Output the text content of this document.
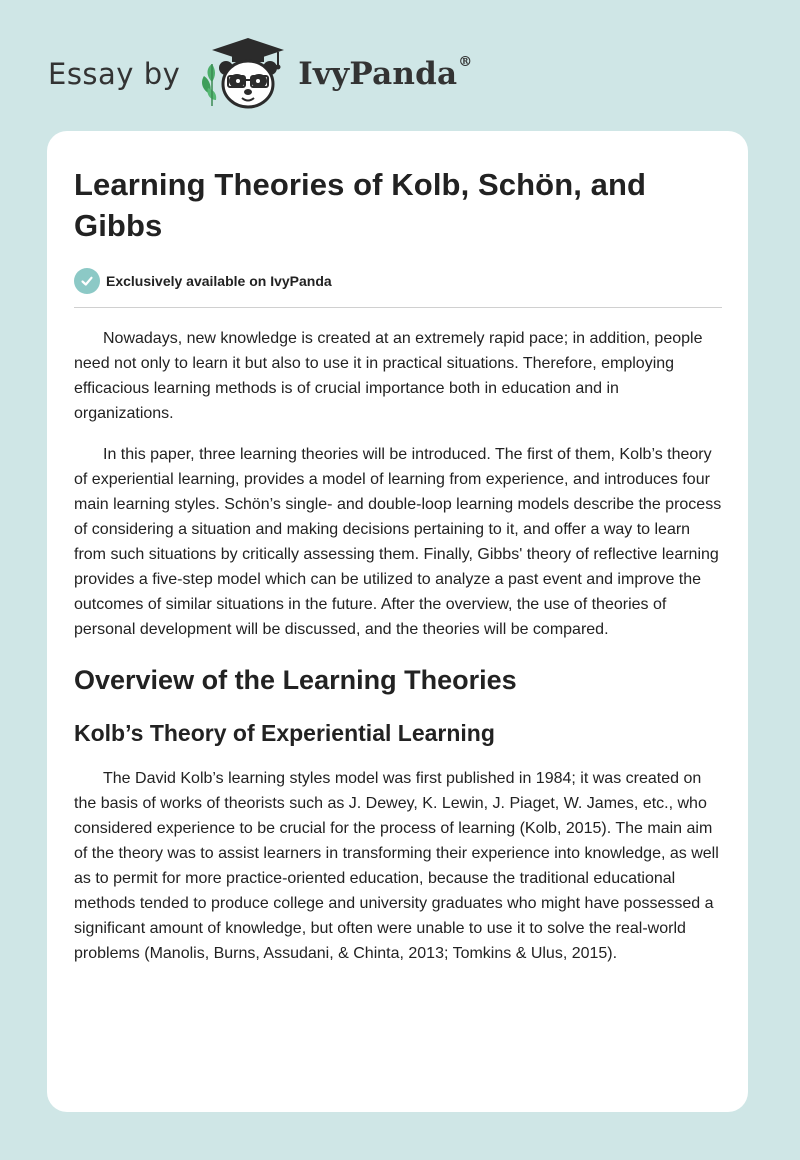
Essay by	IvyPanda®
Learning Theories of Kolb, Schön, and Gibbs
Exclusively available on IvyPanda

Nowadays, new knowledge is created at an extremely rapid pace; in addition, people need not only to learn it but also to use it in practical situations. Therefore, employing efficacious learning methods is of crucial importance both in education and in organizations.

In this paper, three learning theories will be introduced. The first of them, Kolb’s theory of experiential learning, provides a model of learning from experience, and introduces four main learning styles. Schön’s single- and double-loop learning models describe the process of considering a situation and making decisions pertaining to it, and offer a way to learn from such situations by critically assessing them. Finally, Gibbs' theory of reflective learning provides a five-step model which can be utilized to analyze a past event and improve the outcomes of similar situations in the future. After the overview, the use of theories of personal development will be discussed, and the theories will be compared.

Overview of the Learning Theories
Kolb’s Theory of Experiential Learning

The David Kolb’s learning styles model was first published in 1984; it was created on the basis of works of theorists such as J. Dewey, K. Lewin, J. Piaget, W. James, etc., who considered experience to be crucial for the process of learning (Kolb, 2015). The main aim of the theory was to assist learners in transforming their experience into knowledge, as well as to permit for more practice-oriented education, because the traditional educational methods tended to produce college and university graduates who might have possessed a significant amount of knowledge, but often were unable to use it to solve the real-world problems (Manolis, Burns, Assudani, & Chinta, 2013; Tomkins & Ulus, 2015).
